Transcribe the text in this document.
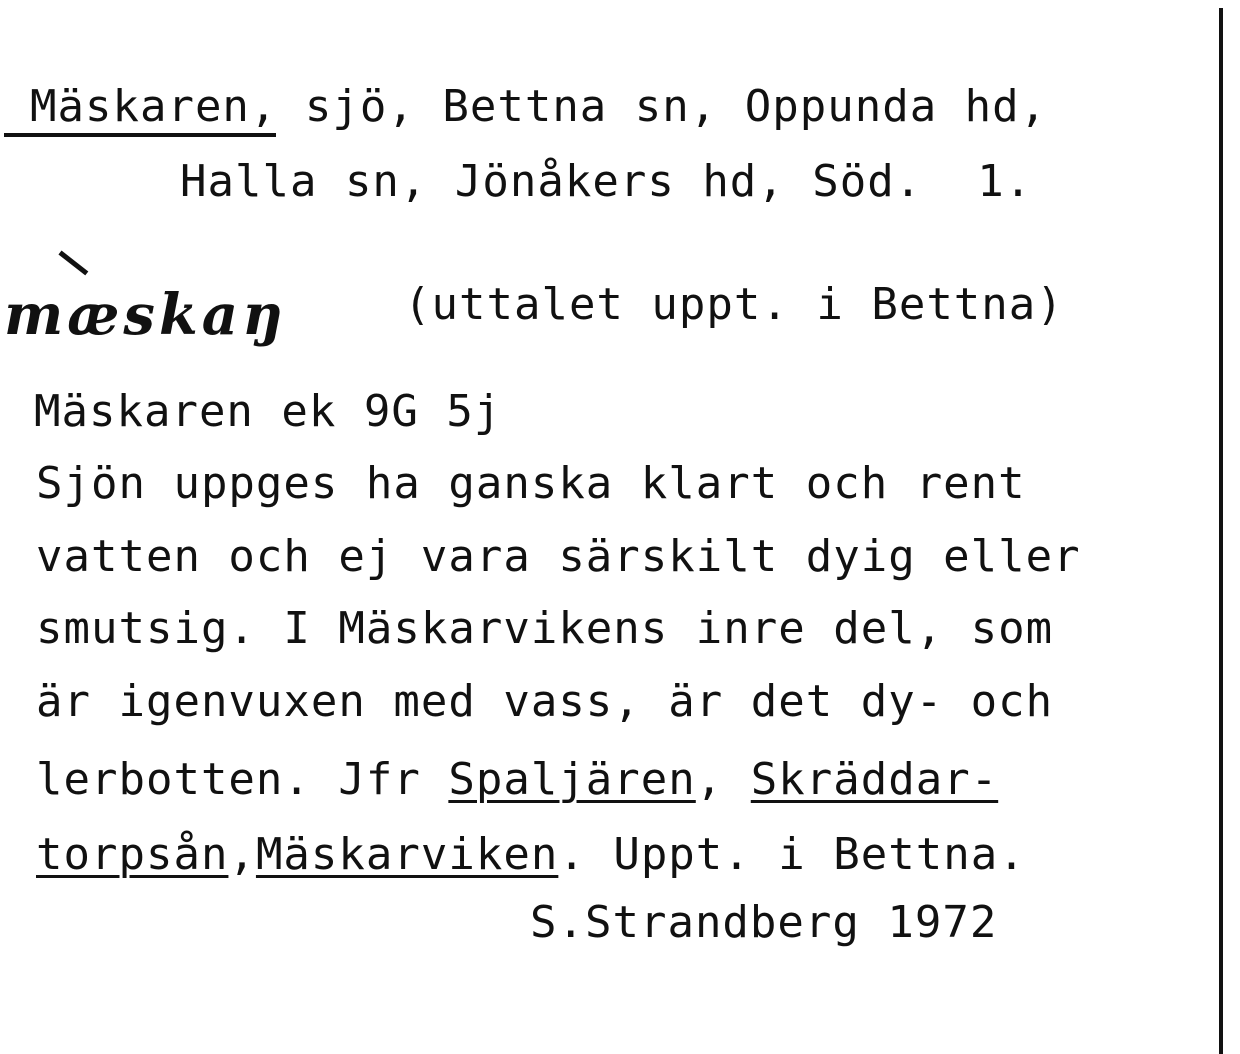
Mäskaren, sjö, Bettna sn, Oppunda hd,
Halla sn, Jönåkers hd, Söd.  1.
mæskaŋ	(uttalet uppt. i Bettna)
Mäskaren ek 9G 5j
Sjön uppges ha ganska klart och rent
vatten och ej vara särskilt dyig eller
smutsig. I Mäskarvikens inre del, som
är igenvuxen med vass, är det dy- och
lerbotten. Jfr Spaljären, Skräddar-
torpsån,Mäskarviken. Uppt. i Bettna.
S.Strandberg 1972
